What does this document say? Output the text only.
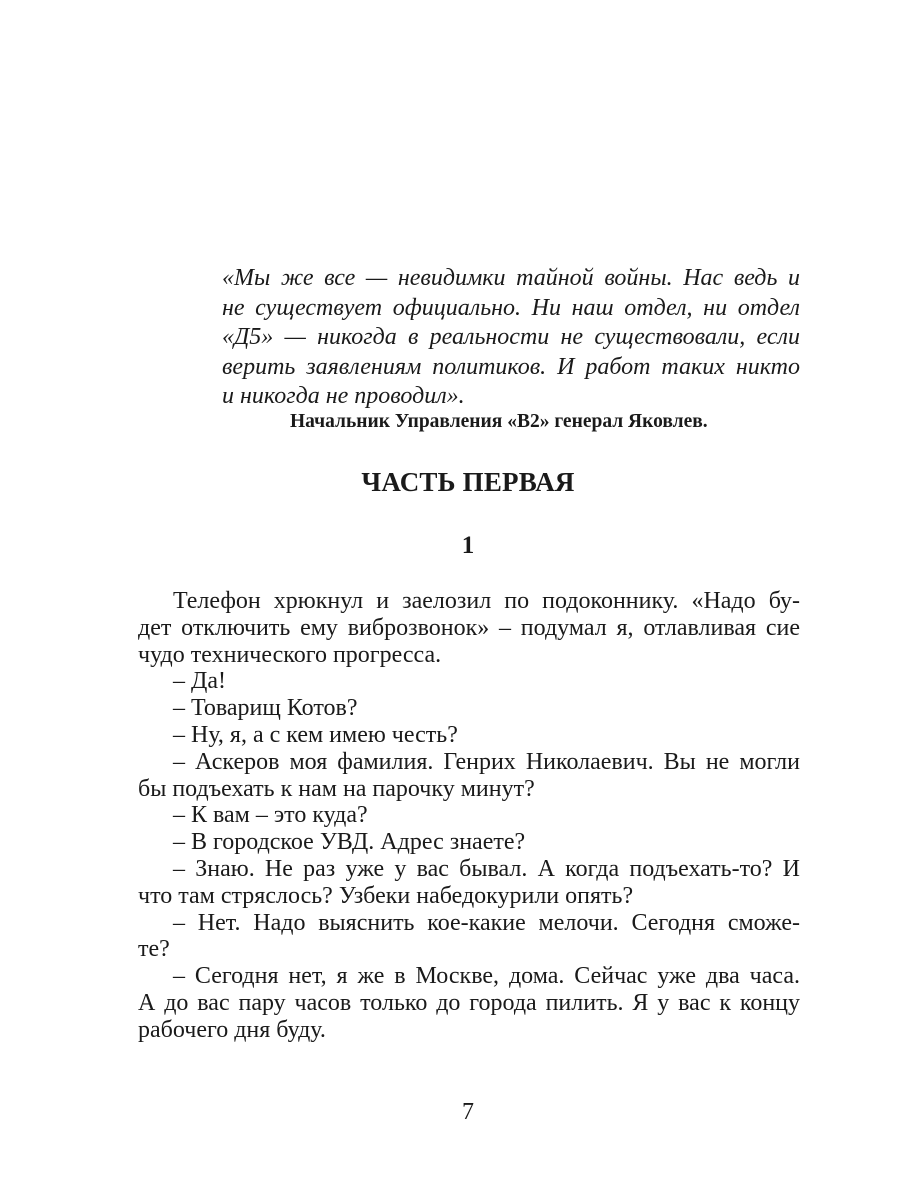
«Мы же все — невидимки тайной войны. Нас ведь и
не существует официально. Ни наш отдел, ни отдел
«Д5» — никогда в реальности не существовали, если
верить заявлениям политиков. И работ таких никто
и никогда не проводил».
Начальник Управления «В2» генерал Яковлев.
ЧАСТЬ ПЕРВАЯ
1
Телефон хрюкнул и заелозил по подоконнику. «Надо бу-
дет отключить ему виброзвонок» – подумал я, отлавливая сие
чудо технического прогресса.
– Да!
– Товарищ Котов?
– Ну, я, а с кем имею честь?
– Аскеров моя фамилия. Генрих Николаевич. Вы не могли
бы подъехать к нам на парочку минут?
– К вам – это куда?
– В городское УВД. Адрес знаете?
– Знаю. Не раз уже у вас бывал. А когда подъехать-то? И
что там стряслось? Узбеки набедокурили опять?
– Нет. Надо выяснить кое-какие мелочи. Сегодня сможе-
те?
– Сегодня нет, я же в Москве, дома. Сейчас уже два часа.
А до вас пару часов только до города пилить. Я у вас к концу
рабочего дня буду.
7
